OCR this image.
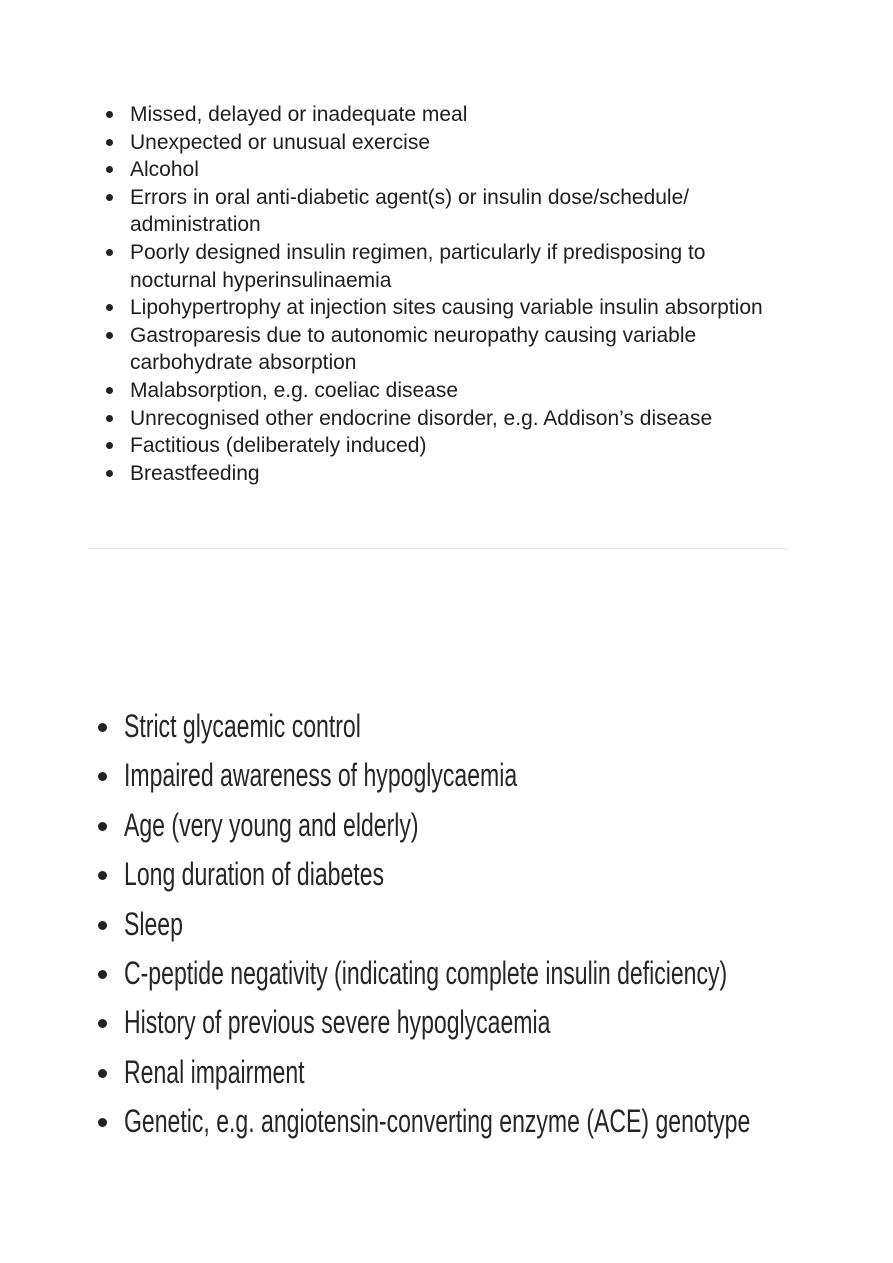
Missed, delayed or inadequate meal
Unexpected or unusual exercise
Alcohol
Errors in oral anti-diabetic agent(s) or insulin dose/schedule/ administration
Poorly designed insulin regimen, particularly if predisposing to nocturnal hyperinsulinaemia
Lipohypertrophy at injection sites causing variable insulin absorption
Gastroparesis due to autonomic neuropathy causing variable carbohydrate absorption
Malabsorption, e.g. coeliac disease
Unrecognised other endocrine disorder, e.g. Addison’s disease
Factitious (deliberately induced)
Breastfeeding
Strict glycaemic control
Impaired awareness of hypoglycaemia
Age (very young and elderly)
Long duration of diabetes
Sleep
C-peptide negativity (indicating complete insulin deficiency)
History of previous severe hypoglycaemia
Renal impairment
Genetic, e.g. angiotensin-converting enzyme (ACE) genotype
